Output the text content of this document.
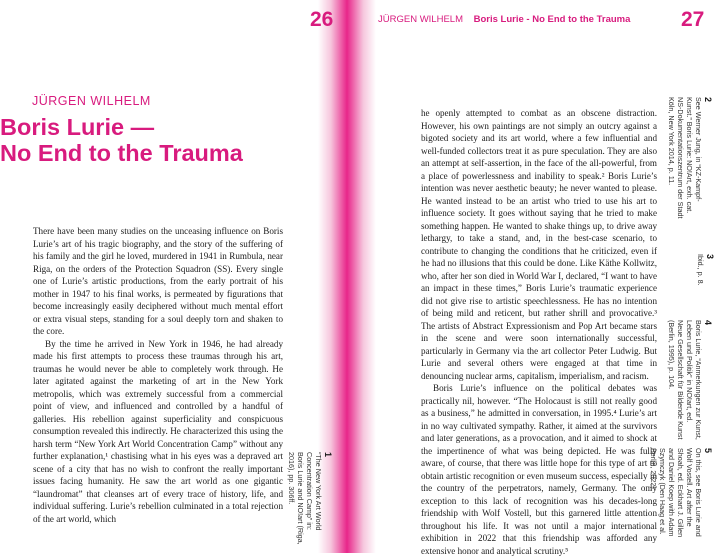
26
JÜRGEN WILHELM
Boris Lurie —
No End to the Trauma

There have been many studies on the unceasing influence on Boris Lurie’s art of his tragic biography, and the story of the suffering of his family and the girl he loved, murdered in 1941 in Rumbula, near Riga, on the orders of the Protection Squadron (SS). Every single one of Lurie’s artistic productions, from the early portrait of his mother in 1947 to his final works, is permeated by figurations that become increasingly easily deciphered without much mental effort or extra visual steps, standing for a soul deeply torn and shaken to the core.

By the time he arrived in New York in 1946, he had already made his first attempts to process these traumas through his art, traumas he would never be able to completely work through. He later agitated against the marketing of art in the New York metropolis, which was extremely successful from a commercial point of view, and influenced and controlled by a handful of galleries. His rebellion against superficiality and conspicuous consumption revealed this indirectly. He characterized this using the harsh term “New York Art World Concentration Camp” without any further explanation,¹ chastising what in his eyes was a depraved art scene of a city that has no wish to confront the really important issues facing humanity. He saw the art world as one gigantic “laundromat” that cleanses art of every trace of history, life, and individual suffering. Lurie’s rebellion culminated in a total rejection of the art world, which

1
“The New York Art World Concentration Camp” in: Boris Lurie and NO!art (Riga, 2016), pp. 306ff.
27
JÜRGEN WILHELM Boris Lurie - No End to the Trauma

he openly attempted to combat as an obscene distraction. However, his own paintings are not simply an outcry against a bigoted society and its art world, where a few influential and well-funded collectors treat it as pure speculation. They are also an attempt at self-assertion, in the face of the all-powerful, from a place of powerlessness and inability to speak.² Boris Lurie’s intention was never aesthetic beauty; he never wanted to please. He wanted instead to be an artist who tried to use his art to influence society. It goes without saying that he tried to make something happen. He wanted to shake things up, to drive away lethargy, to take a stand, and, in the best-case scenario, to contribute to changing the conditions that he criticized, even if he had no illusions that this could be done. Like Käthe Kollwitz, who, after her son died in World War I, declared, “I want to have an impact in these times,” Boris Lurie’s traumatic experience did not give rise to artistic speechlessness. He has no intention of being mild and reticent, but rather shrill and provocative.³ The artists of Abstract Expressionism and Pop Art became stars in the scene and were soon internationally successful, particularly in Germany via the art collector Peter Ludwig. But Lurie and several others were engaged at that time in denouncing nuclear arms, capitalism, imperialism, and racism.

Boris Lurie’s influence on the political debates was practically nil, however. “The Holocaust is still not really good as a business,” he admitted in conversation, in 1995.⁴ Lurie’s art in no way cultivated sympathy. Rather, it aimed at the survivors and later generations, as a provocation, and it aimed to shock at the impertinence of what was being depicted. He was fully aware, of course, that there was little hope for this type of art to obtain artistic recognition or even museum success, especially in the country of the perpetrators, namely, Germany. The only exception to this lack of recognition was his decades-long friendship with Wolf Vostell, but this garnered little attention throughout his life. It was not until a major international exhibition in 2022 that this friendship was afforded any extensive honor and analytical scrutiny.⁵

2
See Werner Jung, in “KZ-Kampf-Kunst.” Boris Lurie: NO!Art, exh. cat. NS-Dokumentationszentrum der Stadt Köln, New York 2014, p. 11.
3
Ibid., p. 8.
4
Boris Lurie, “Anmerkungen zur Kunst, Leben und Politik” in NO!art, ed. Neue Gesellschaft für Bildende Kunst (Berlin, 1995), p. 104.
5
On this, see Boris Lurie and Wolf Vostell. Art after the Shoah, ed. Eckhart J. Gillen and Daniel Koep with Adam Szymczyk (Den Haag et al. Berlin, 2022).
